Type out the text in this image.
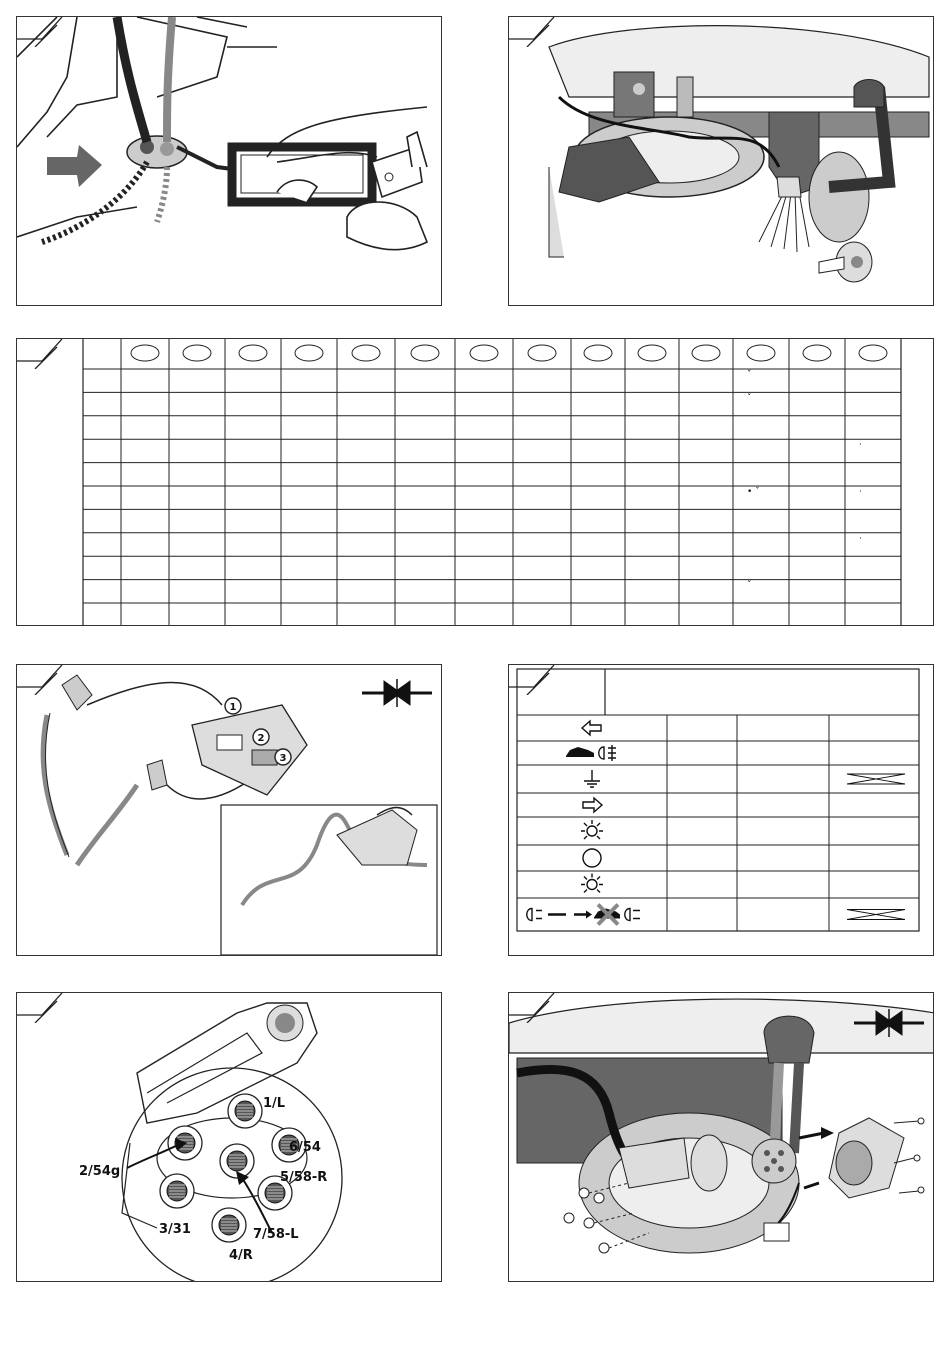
ˇ
ˇ
·
• ˇ	·
·
ˇ
1
2
3
1/L
2/54g
3/31
4/R
5/58-R
6/54
7/58-L
